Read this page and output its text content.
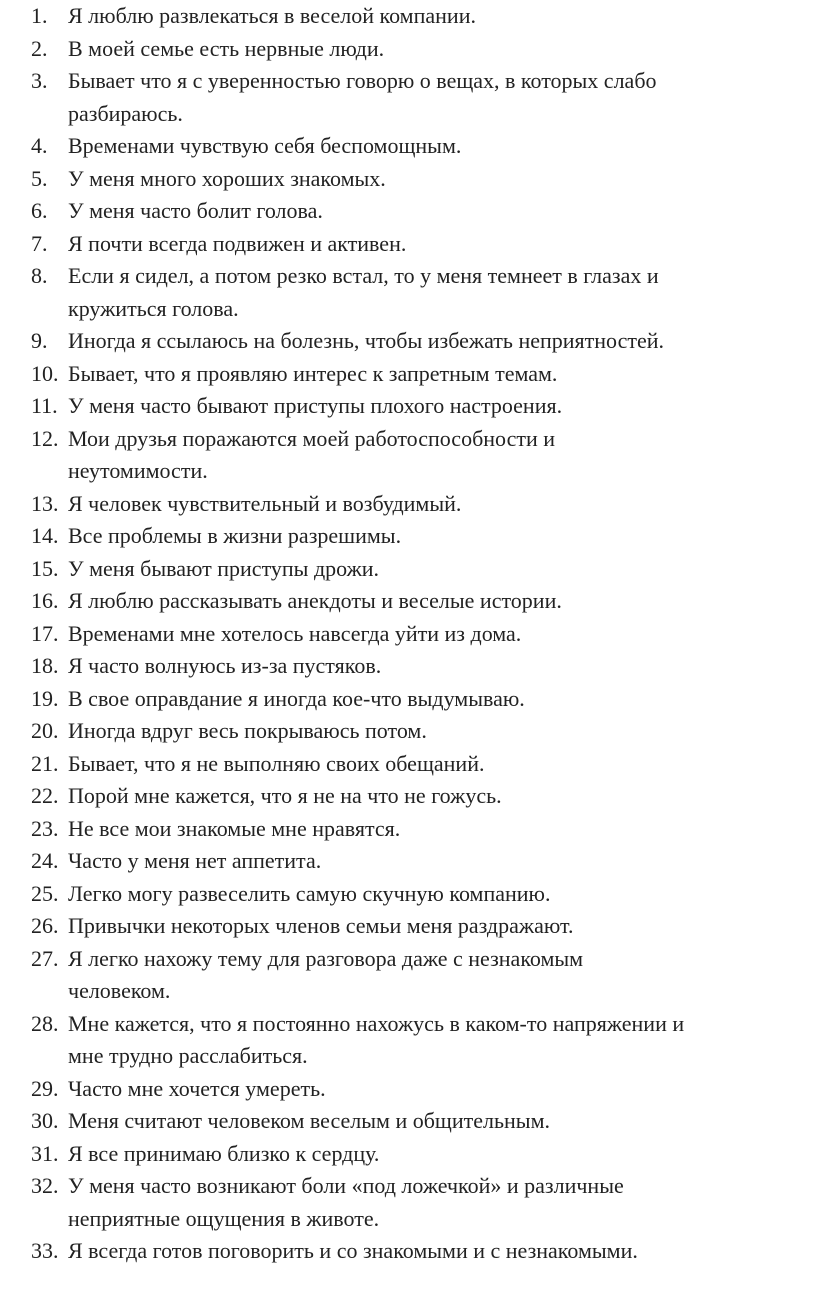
1. Я люблю развлекаться в веселой компании.
2. В моей семье есть нервные люди.
3. Бывает что я с уверенностью говорю о вещах, в которых слабо
разбираюсь.
4. Временами чувствую себя беспомощным.
5. У меня много хороших знакомых.
6. У меня часто болит голова.
7. Я почти всегда подвижен и активен.
8. Если я сидел, а потом резко встал, то у меня темнеет в глазах и
кружиться голова.
9. Иногда я ссылаюсь на болезнь, чтобы избежать неприятностей.
10. Бывает, что я проявляю интерес к запретным темам.
11. У меня часто бывают приступы плохого настроения.
12. Мои друзья поражаются моей работоспособности и
неутомимости.
13. Я человек чувствительный и возбудимый.
14. Все проблемы в жизни разрешимы.
15. У меня бывают приступы дрожи.
16. Я люблю рассказывать анекдоты и веселые истории.
17. Временами мне хотелось навсегда уйти из дома.
18. Я часто волнуюсь из-за пустяков.
19. В свое оправдание я иногда кое-что выдумываю.
20. Иногда вдруг весь покрываюсь потом.
21. Бывает, что я не выполняю своих обещаний.
22. Порой мне кажется, что я не на что не гожусь.
23. Не все мои знакомые мне нравятся.
24. Часто у меня нет аппетита.
25. Легко могу развеселить самую скучную компанию.
26. Привычки некоторых членов семьи меня раздражают.
27. Я легко нахожу тему для разговора даже с незнакомым
человеком.
28. Мне кажется, что я постоянно нахожусь в каком-то напряжении и
мне трудно расслабиться.
29. Часто мне хочется умереть.
30. Меня считают человеком веселым и общительным.
31. Я все принимаю близко к сердцу.
32. У меня часто возникают боли «под ложечкой» и различные
неприятные ощущения в животе.
33. Я всегда готов поговорить и со знакомыми и с незнакомыми.
